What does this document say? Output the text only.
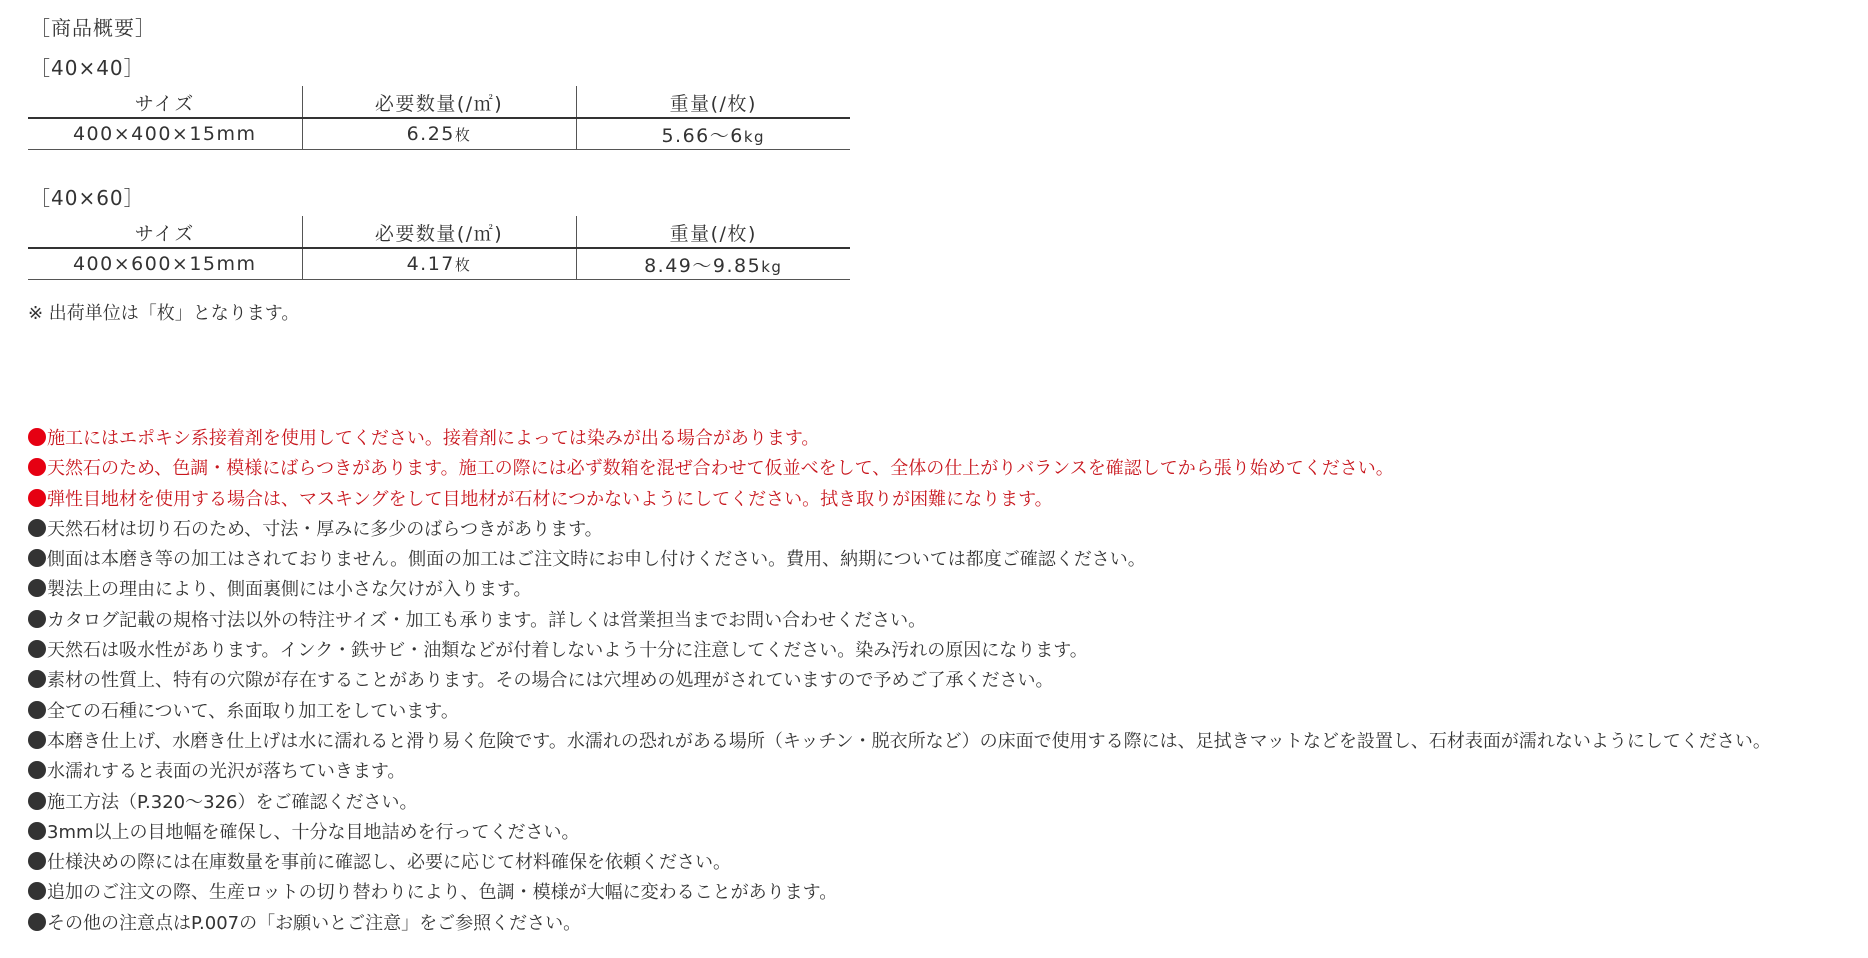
［商品概要］
［40×40］
サイズ	必要数量(/㎡)	重量(/枚)
400×400×15mm	6.25枚	5.66〜6kg
［40×60］
サイズ	必要数量(/㎡)	重量(/枚)
400×600×15mm	4.17枚	8.49〜9.85kg
※ 出荷単位は「枚」となります。
施工にはエポキシ系接着剤を使用してください。接着剤によっては染みが出る場合があります。
天然石のため、色調・模様にばらつきがあります。施工の際には必ず数箱を混ぜ合わせて仮並べをして、全体の仕上がりバランスを確認してから張り始めてください。
弾性目地材を使用する場合は、マスキングをして目地材が石材につかないようにしてください。拭き取りが困難になります。
天然石材は切り石のため、寸法・厚みに多少のばらつきがあります。
側面は本磨き等の加工はされておりません。側面の加工はご注文時にお申し付けください。費用、納期については都度ご確認ください。
製法上の理由により、側面裏側には小さな欠けが入ります。
カタログ記載の規格寸法以外の特注サイズ・加工も承ります。詳しくは営業担当までお問い合わせください。
天然石は吸水性があります。インク・鉄サビ・油類などが付着しないよう十分に注意してください。染み汚れの原因になります。
素材の性質上、特有の穴隙が存在することがあります。その場合には穴埋めの処理がされていますので予めご了承ください。
全ての石種について、糸面取り加工をしています。
本磨き仕上げ、水磨き仕上げは水に濡れると滑り易く危険です。水濡れの恐れがある場所（キッチン・脱衣所など）の床面で使用する際には、足拭きマットなどを設置し、石材表面が濡れないようにしてください。
水濡れすると表面の光沢が落ちていきます。
施工方法（P.320〜326）をご確認ください。
3mm以上の目地幅を確保し、十分な目地詰めを行ってください。
仕様決めの際には在庫数量を事前に確認し、必要に応じて材料確保を依頼ください。
追加のご注文の際、生産ロットの切り替わりにより、色調・模様が大幅に変わることがあります。
その他の注意点はP.007の「お願いとご注意」をご参照ください。
